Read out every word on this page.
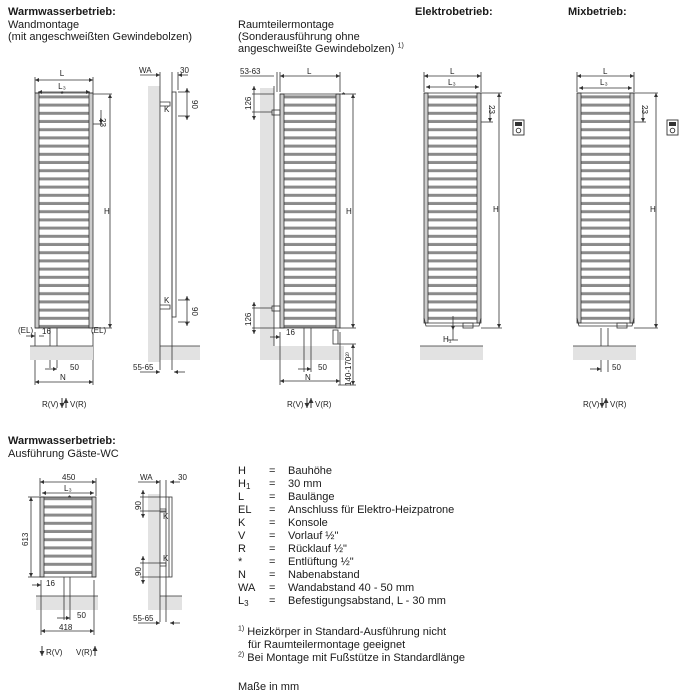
Warmwasserbetrieb:
Wandmontage
(mit angeschweißten Gewindebolzen)
Raumteilermontage
(Sonderausführung ohne
angeschweißte Gewindebolzen) $^{1)}$
Elektrobetrieb:	Mixbetrieb:
Warmwasserbetrieb:
Ausführung Gäste-WC
L
L₃
*
23
H
(EL)	(EL)
16
50
N
R(V) V(R)
WA	30
90
90
K
K
55-65
53-63	L
*
126
126
H
16
50
N	140-170²⁾
R(V) V(R)
L
L₃
23
H
H₁
L
L₃
23
H
50
R(V) V(R)
450
L₃
*
613
16
50
418
R(V) V(R)
WA	30
90
90
K
K
55-65
H	= Bauhöhe
$H_1$	= 30 mm
L	= Baulänge
EL	= Anschluss für Elektro-Heizpatrone
K	= Konsole
V	= Vorlauf ½"
R	= Rücklauf ½"
*	= Entlüftung ½"
N	= Nabenabstand
WA	= Wandabstand 40 - 50 mm
$L_3$	= Befestigungsabstand, L - 30 mm
$^{1)}$ Heizkörper in Standard-Ausführung nicht
für Raumteilermontage geeignet
$^{2)}$ Bei Montage mit Fußstütze in Standardlänge
Maße in mm
